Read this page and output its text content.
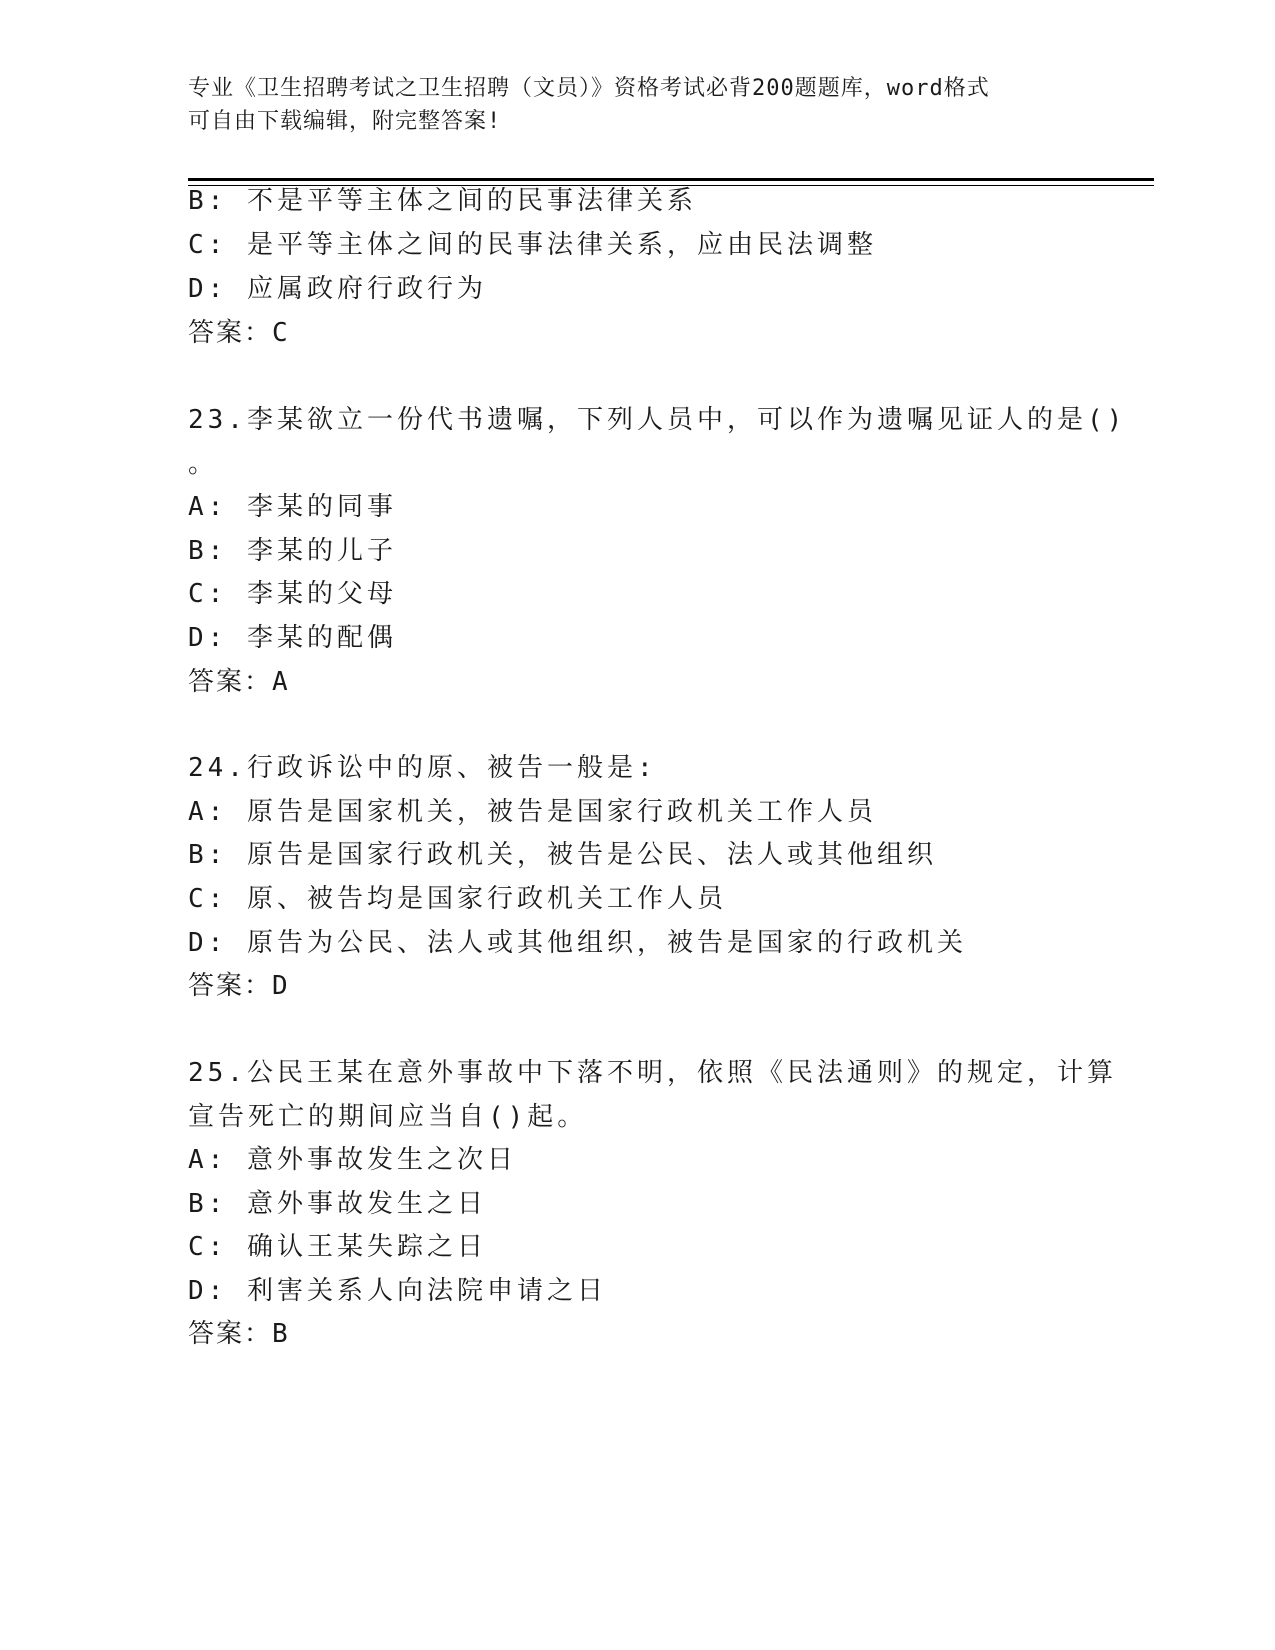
专业《卫生招聘考试之卫生招聘（文员）》资格考试必背200题题库，word格式
可自由下载编辑，附完整答案!
B: 不是平等主体之间的民事法律关系
C: 是平等主体之间的民事法律关系，应由民法调整
D: 应属政府行政行为
答案：C
23.李某欲立一份代书遗嘱，下列人员中，可以作为遗嘱见证人的是()
。
A: 李某的同事
B: 李某的儿子
C: 李某的父母
D: 李某的配偶
答案：A
24.行政诉讼中的原、被告一般是:
A: 原告是国家机关，被告是国家行政机关工作人员
B: 原告是国家行政机关，被告是公民、法人或其他组织
C: 原、被告均是国家行政机关工作人员
D: 原告为公民、法人或其他组织，被告是国家的行政机关
答案：D
25.公民王某在意外事故中下落不明，依照《民法通则》的规定，计算
宣告死亡的期间应当自()起。
A: 意外事故发生之次日
B: 意外事故发生之日
C: 确认王某失踪之日
D: 利害关系人向法院申请之日
答案：B
